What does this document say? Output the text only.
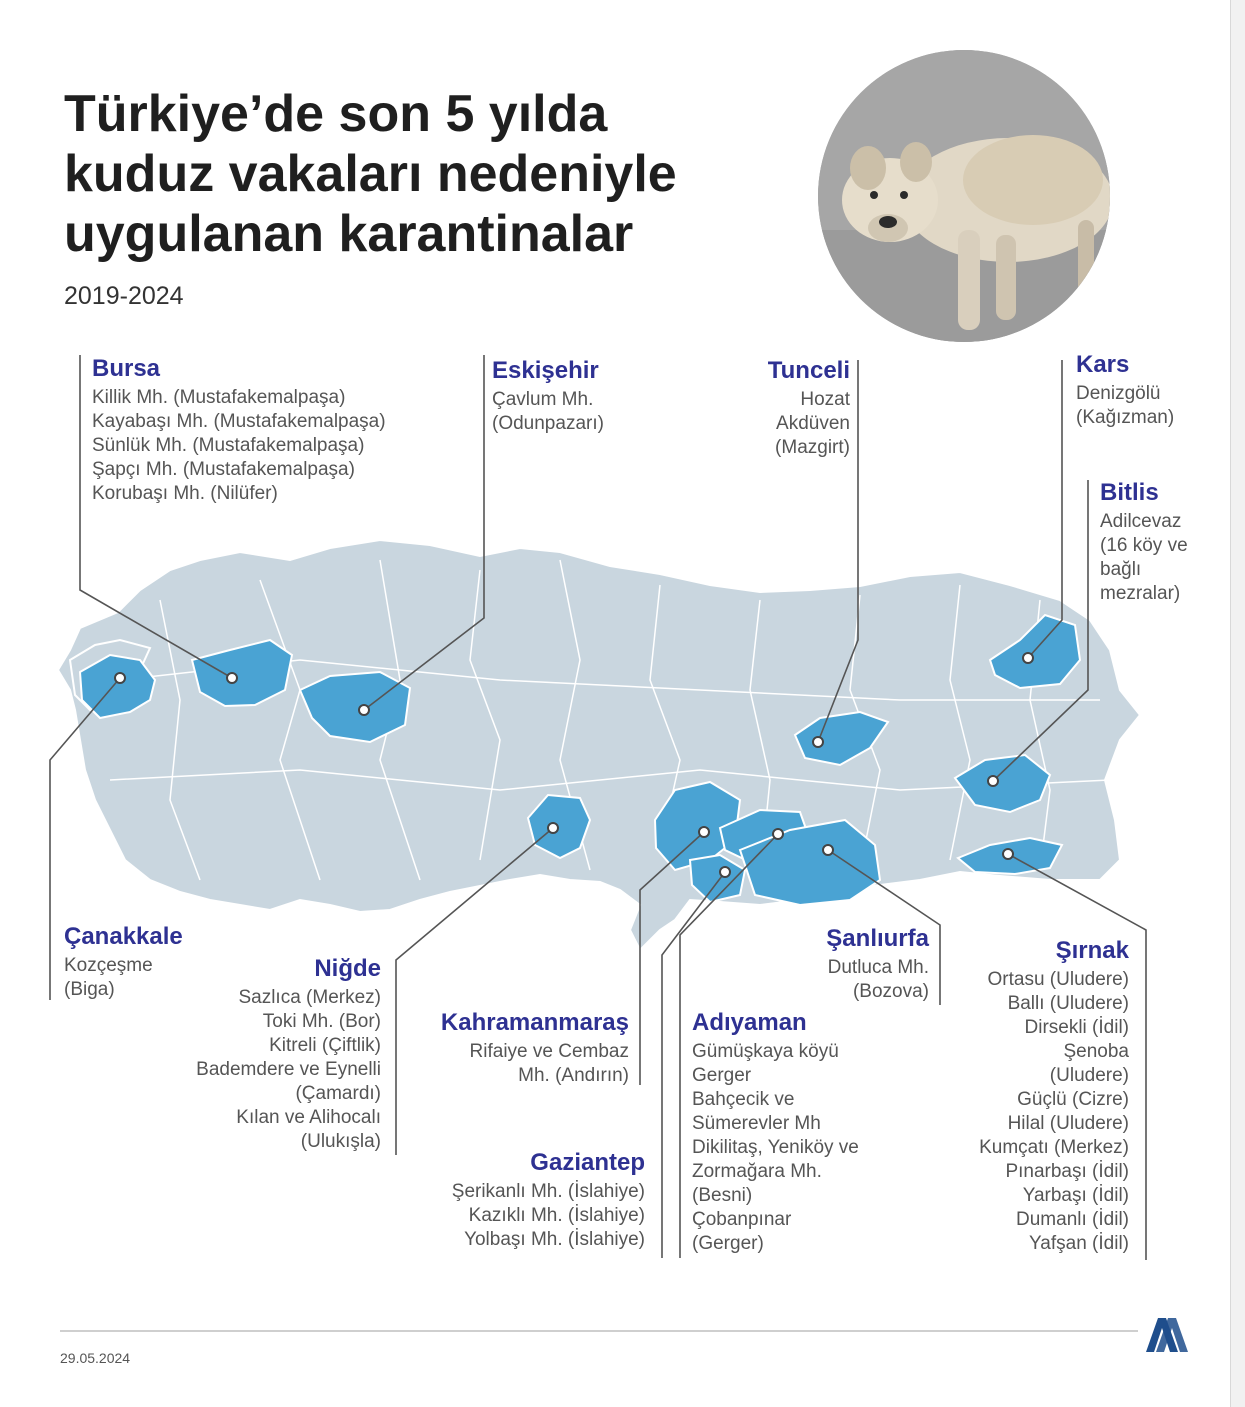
Türkiye’de son 5 yılda
kuduz vakaları nedeniyle
uygulanan karantinalar
2019-2024
Bursa
Killik Mh. (Mustafakemalpaşa)
Kayabaşı Mh. (Mustafakemalpaşa)
Sünlük Mh. (Mustafakemalpaşa)
Şapçı Mh. (Mustafakemalpaşa)
Korubaşı Mh. (Nilüfer)
Eskişehir
Çavlum Mh.
(Odunpazarı)
Tunceli
Hozat
Akdüven
(Mazgirt)
Kars
Denizgölü
(Kağızman)
Bitlis
Adilcevaz
(16 köy ve
bağlı
mezralar)
Çanakkale
Kozçeşme
(Biga)
Niğde
Sazlıca (Merkez)
Toki Mh. (Bor)
Kitreli (Çiftlik)
Bademdere ve Eynelli
(Çamardı)
Kılan ve Alihocalı
(Ulukışla)
Kahramanmaraş
Rifaiye ve Cembaz
Mh. (Andırın)
Gaziantep
Şerikanlı Mh. (İslahiye)
Kazıklı Mh. (İslahiye)
Yolbaşı Mh. (İslahiye)
Adıyaman
Gümüşkaya köyü
Gerger
Bahçecik ve
Sümerevler Mh
Dikilitaş, Yeniköy ve
Zormağara Mh.
(Besni)
Çobanpınar
(Gerger)
Şanlıurfa
Dutluca Mh.
(Bozova)
Şırnak
Ortasu (Uludere)
Ballı (Uludere)
Dirsekli (İdil)
Şenoba
(Uludere)
Güçlü (Cizre)
Hilal (Uludere)
Kumçatı (Merkez)
Pınarbaşı (İdil)
Yarbaşı (İdil)
Dumanlı (İdil)
Yafşan (İdil)
29.05.2024
